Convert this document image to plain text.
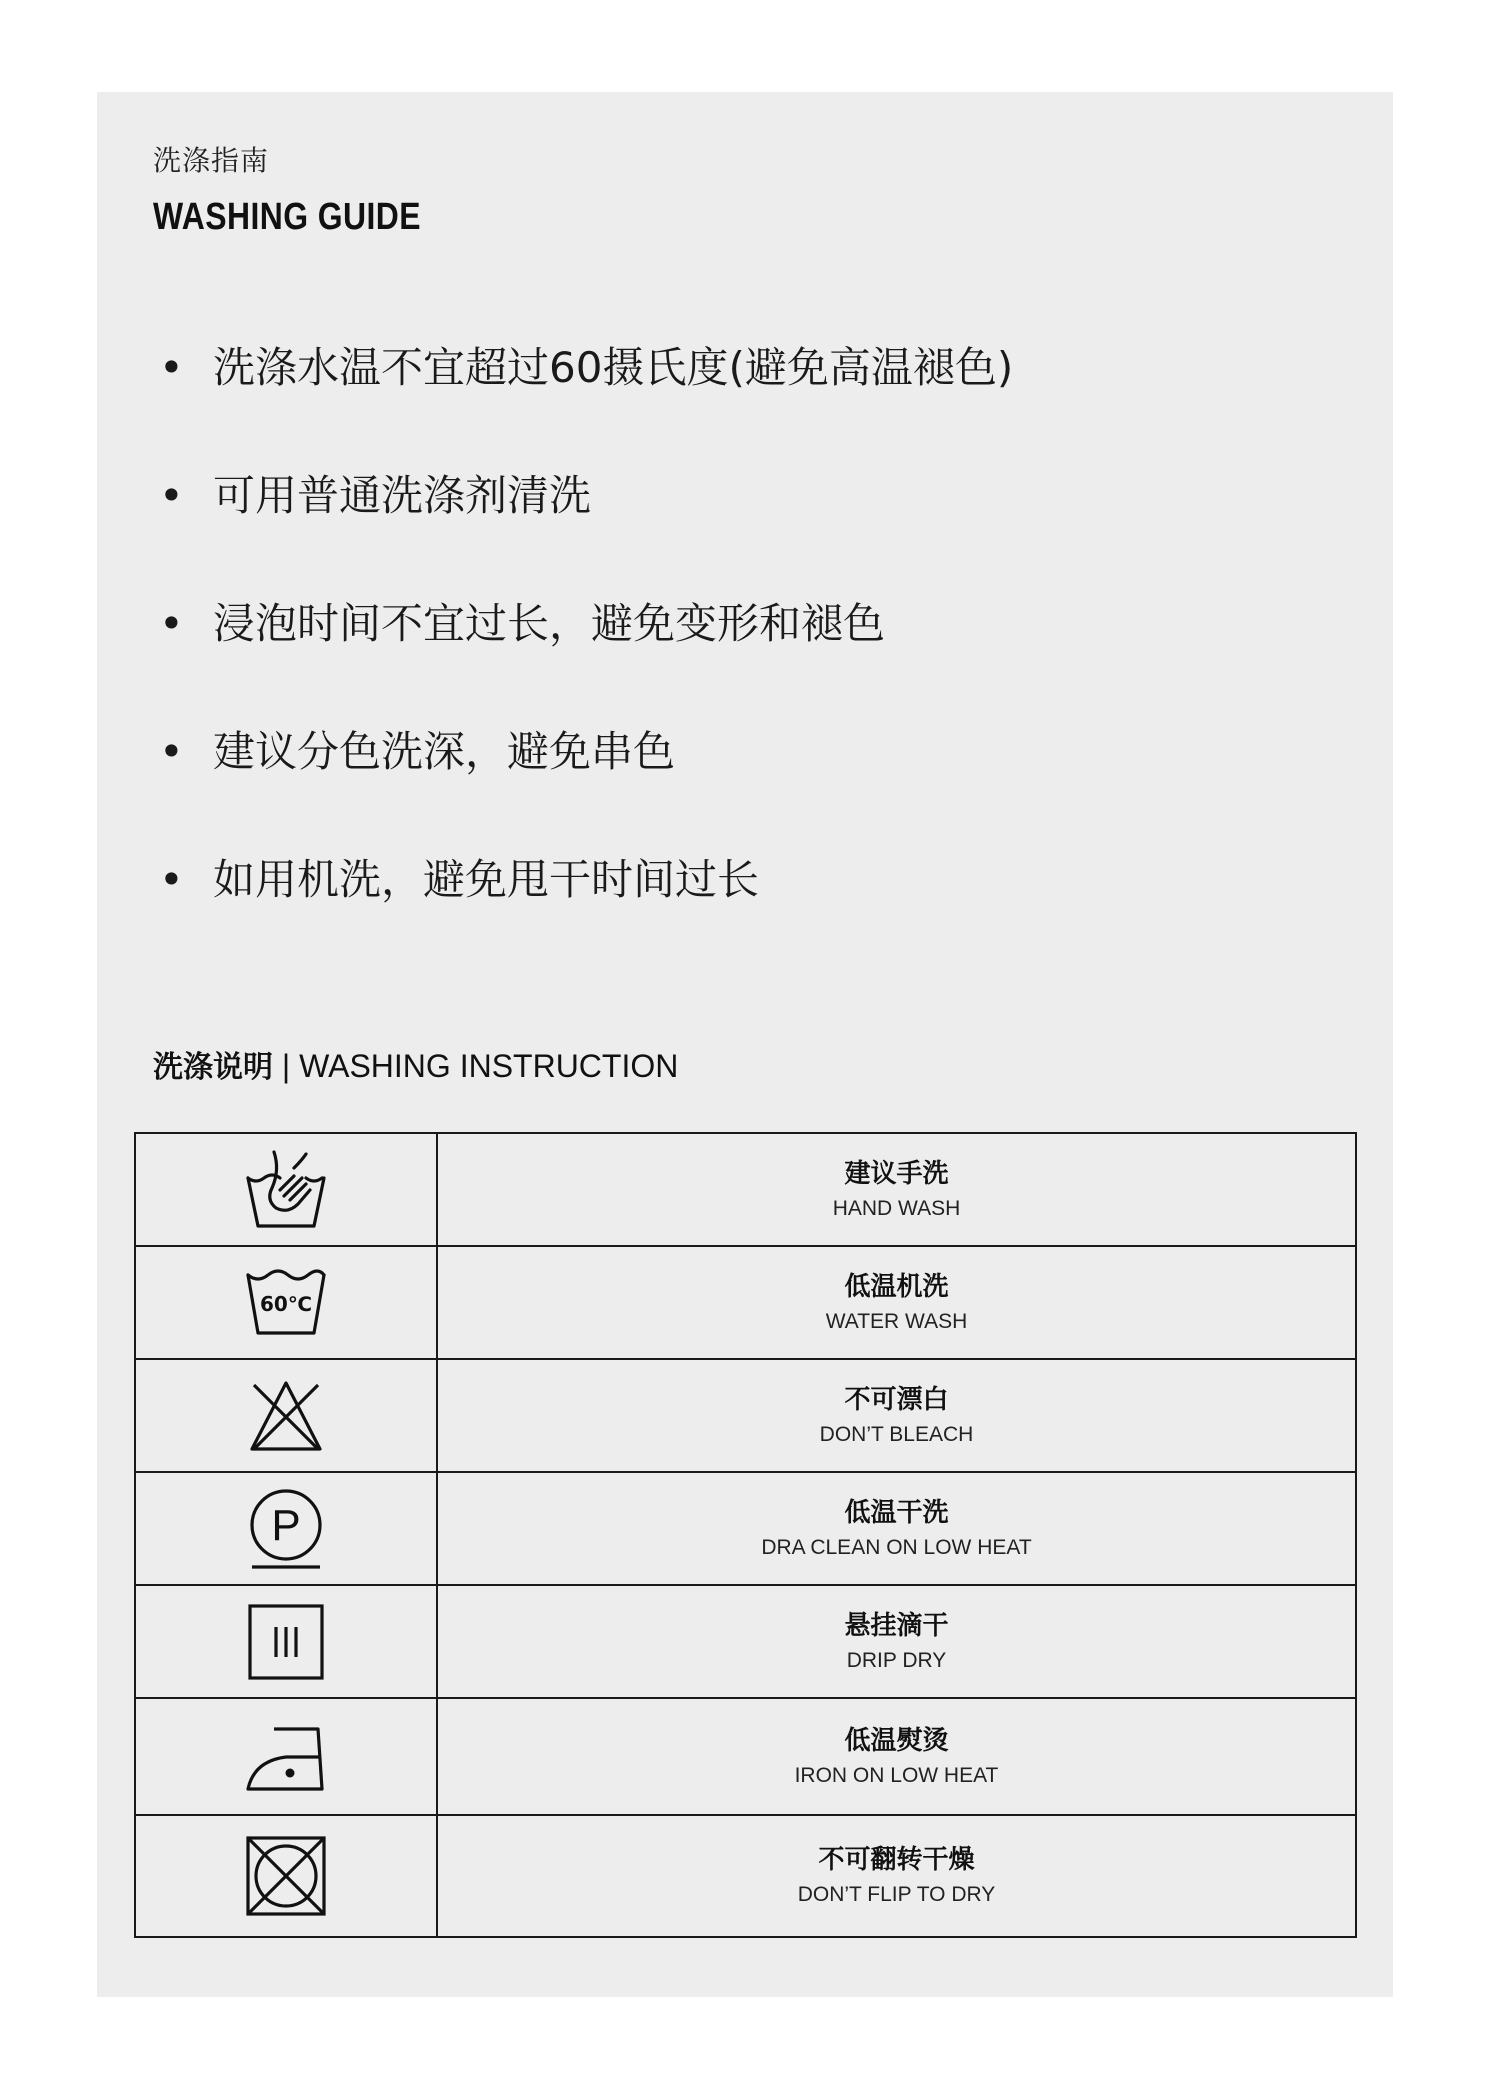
洗涤指南
WASHING GUIDE
• 洗涤水温不宜超过60摄氏度(避免高温褪色)
• 可用普通洗涤剂清洗
• 浸泡时间不宜过长，避免变形和褪色
• 建议分色洗深，避免串色
• 如用机洗，避免甩干时间过长
洗涤说明 | WASHING INSTRUCTION

建议手洗
HAND WASH

60℃	低温机洗
WATER WASH

不可漂白
DON’T BLEACH

P	低温干洗
DRA CLEAN ON LOW HEAT

悬挂滴干
DRIP DRY

低温熨烫
IRON ON LOW HEAT

不可翻转干燥
DON’T FLIP TO DRY
